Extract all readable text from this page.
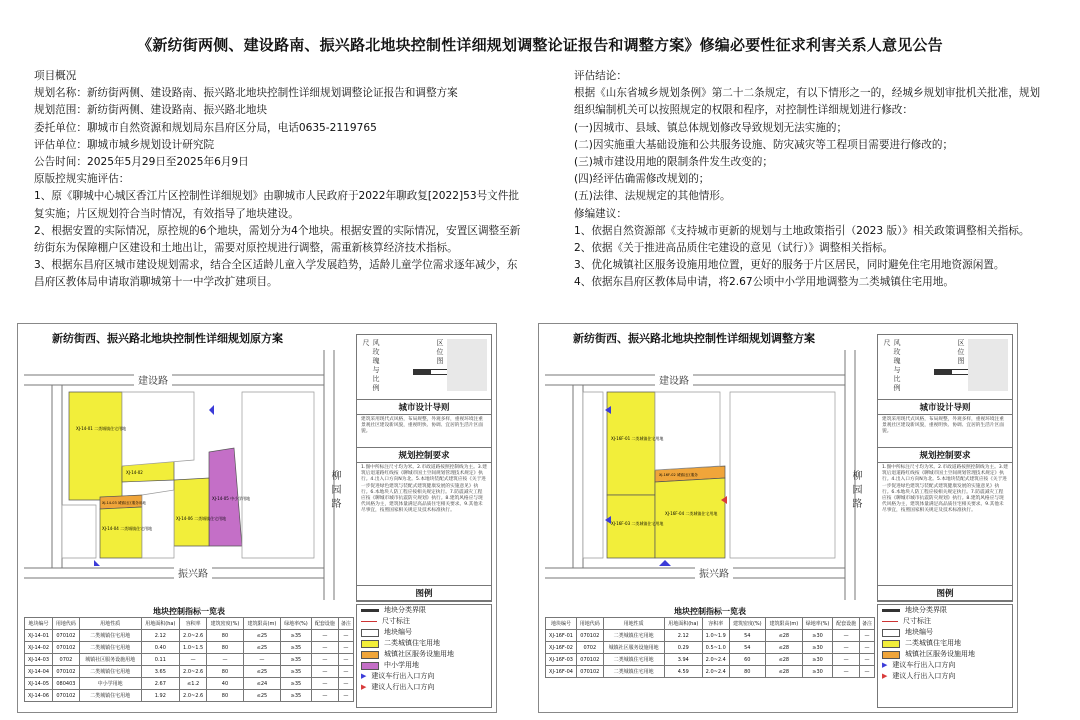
《新纺街两侧、建设路南、振兴路北地块控制性详细规划调整论证报告和调整方案》修编必要性征求利害关系人意见公告

项目概况

规划名称：新纺街两侧、建设路南、振兴路北地块控制性详细规划调整论证报告和调整方案

规划范围：新纺街两侧、建设路南、振兴路北地块

委托单位：聊城市自然资源和规划局东昌府区分局，电话0635-2119765

评估单位：聊城市城乡规划设计研究院

公告时间：2025年5月29日至2025年6月9日

原版控规实施评估：

1、原《聊城中心城区香江片区控制性详细规划》由聊城市人民政府于2022年聊政复[2022]53号文件批复实施；片区规划符合当时情况，有效指导了地块建设。

2、根据安置的实际情况，原控规的6个地块，需划分为4个地块。根据安置的实际情况，安置区调整至新纺街东为保障棚户区建设和土地出让，需要对原控规进行调整，需重新核算经济技术指标。

3、根据东昌府区城市建设规划需求，结合全区适龄儿童入学发展趋势，适龄儿童学位需求逐年减少，东昌府区教体局申请取消聊城第十一中学改扩建项目。

评估结论：

根据《山东省城乡规划条例》第二十二条规定，有以下情形之一的，经城乡规划审批机关批准，规划组织编制机关可以按照规定的权限和程序，对控制性详细规划进行修改：

(一)因城市、县域、镇总体规划修改导致规划无法实施的；

(二)因实施重大基础设施和公共服务设施、防灾减灾等工程项目需要进行修改的；

(三)城市建设用地的限制条件发生改变的；

(四)经评估确需修改规划的；

(五)法律、法规规定的其他情形。

修编建议：

1、依据自然资源部《支持城市更新的规划与土地政策指引（2023 版）》相关政策调整相关指标。

2、依据《关于推进高品质住宅建设的意见（试行）》调整相关指标。

3、优化城镇社区服务设施用地位置，更好的服务于片区居民，同时避免住宅用地资源闲置。

4、依据东昌府区教体局申请，将2.67公顷中小学用地调整为二类城镇住宅用地。

新纺街西、振兴路北地块控制性详细规划原方案
XJ-14-01 二类城镇住宅用地
XJ-14-02
XJ-14-03 城镇社区服务用地
XJ-14-04 二类城镇住宅用地
XJ-14-05 中小学用地
XJ-14-06 二类城镇住宅用地
建设路
振兴路
柳园路
风玫瑰与比例尺	区位图
城市设计导则
建筑采用现代式风格，布局规整，外观多样，重视环境注重景观社区建设新风貌，重视明快、协调、宜居的生活片区面貌。
规划控制要求
1.图中所标注尺寸均为米。2.市政道路按照控制线为主。3.建筑后退道路红线按《聊城市国土空间规划管理技术规定》执行。4.出入口方向N为北。5.本地块装配式建筑应按《关于进一步促进绿色建筑与装配式建筑健康发展的实施意见》执行。6.本地块人防工程应按相关规定执行。7.防震减灾工程应按《聊城市城市抗震防灾规划》执行。8.建筑风格应与现代风格为主，建筑体量满足高品质住宅相关要求。9.其他未尽事宜，按照国家相关规定及技术标准执行。
图例
地块分类界限
尺寸标注
地块编号
二类城镇住宅用地
城镇社区服务设施用地
中小学用地
▶ 建议车行出入口方向
▶ 建议人行出入口方向
地块控制指标一览表
地块编号	用地代码	用地性质	用地面积(ha)	容积率	建筑密度(%)	建筑限高(m)	绿地率(%)	配套设施	备注
XJ-14-01	070102	二类城镇住宅用地	2.12	2.0~2.6	80	≤25	≥35	—	—
XJ-14-02	070102	二类城镇住宅用地	0.40	1.0~1.5	80	≤25	≥35	—	—
XJ-14-03	0702	城镇社区服务设施用地	0.11	—	—	—	≥35	—	—
XJ-14-04	070102	二类城镇住宅用地	3.65	2.0~2.6	80	≤25	≥35	—	—
XJ-14-05	080403	中小学用地	2.67	≤1.2	40	≤24	≥35	—	—
XJ-14-06	070102	二类城镇住宅用地	1.92	2.0~2.6	80	≤25	≥35	—	—
新纺街西、振兴路北地块控制性详细规划调整方案
XJ-16F-01 二类城镇住宅用地
XJ-16F-02 城镇社区服务
XJ-16F-03 二类城镇住宅用地
XJ-16F-04 二类城镇住宅用地
建设路
振兴路
柳园路
风玫瑰与比例尺	区位图
城市设计导则
建筑采用现代式风格，布局规整，外观多样，重视环境注重景观社区建设新风貌，重视明快、协调、宜居的生活片区面貌。
规划控制要求
1.图中所标注尺寸均为米。2.市政道路按照控制线为主。3.建筑后退道路红线按《聊城市国土空间规划管理技术规定》执行。4.出入口方向N为北。5.本地块装配式建筑应按《关于进一步促进绿色建筑与装配式建筑健康发展的实施意见》执行。6.本地块人防工程应按相关规定执行。7.防震减灾工程应按《聊城市城市抗震防灾规划》执行。8.建筑风格应与现代风格为主，建筑体量满足高品质住宅相关要求。9.其他未尽事宜，按照国家相关规定及技术标准执行。
图例
地块分类界限
尺寸标注
地块编号
二类城镇住宅用地
城镇社区服务设施用地
▶ 建议车行出入口方向
▶ 建议人行出入口方向
地块控制指标一览表
地块编号	用地代码	用地性质	用地面积(ha)	容积率	建筑密度(%)	建筑限高(m)	绿地率(%)	配套设施	备注
XJ-16F-01	070102	二类城镇住宅用地	2.12	1.0~1.9	54	≤28	≥30	—	—
XJ-16F-02	0702	城镇社区服务设施用地	0.29	0.5~1.0	54	≤28	≥30	—	—
XJ-16F-03	070102	二类城镇住宅用地	3.94	2.0~2.4	60	≤28	≥30	—	—
XJ-16F-04	070102	二类城镇住宅用地	4.59	2.0~2.4	80	≤28	≥30	—	—
